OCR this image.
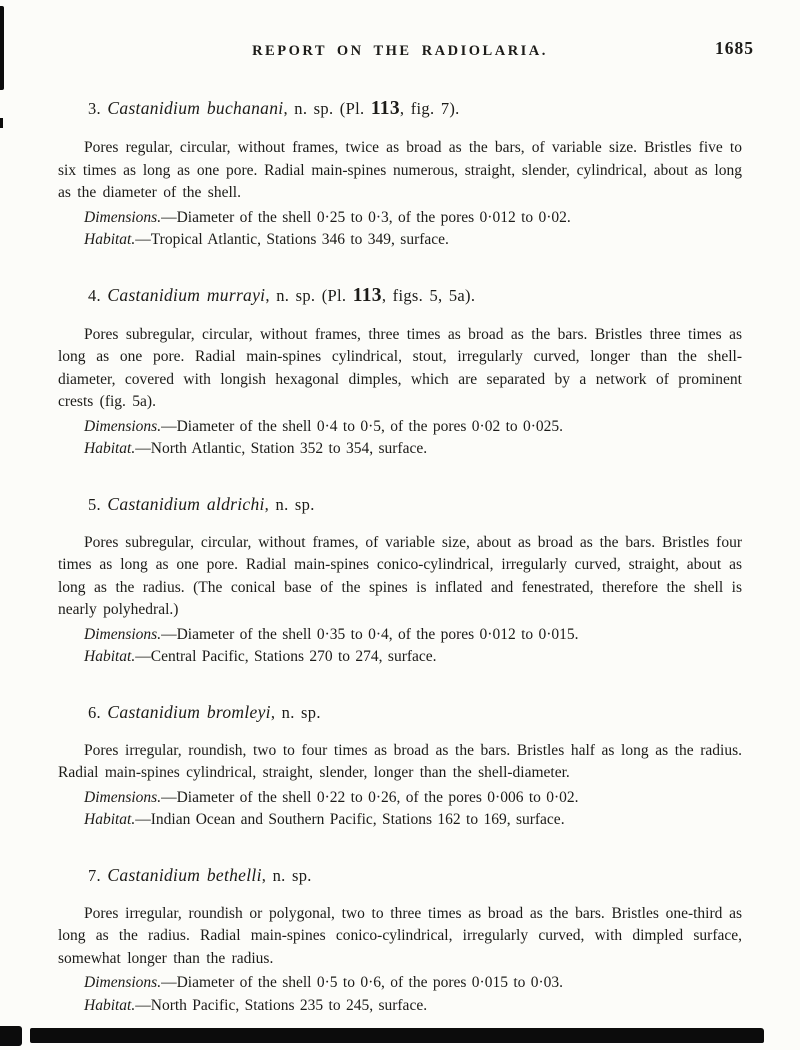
REPORT ON THE RADIOLARIA.	1685
3. Castanidium buchanani, n. sp. (Pl. 113, fig. 7).

Pores regular, circular, without frames, twice as broad as the bars, of variable size. Bristles five to six times as long as one pore. Radial main-spines numerous, straight, slender, cylindrical, about as long as the diameter of the shell.

Dimensions.—Diameter of the shell 0·25 to 0·3, of the pores 0·012 to 0·02.

Habitat.—Tropical Atlantic, Stations 346 to 349, surface.

4. Castanidium murrayi, n. sp. (Pl. 113, figs. 5, 5a).

Pores subregular, circular, without frames, three times as broad as the bars. Bristles three times as long as one pore. Radial main-spines cylindrical, stout, irregularly curved, longer than the shell-diameter, covered with longish hexagonal dimples, which are separated by a network of prominent crests (fig. 5a).

Dimensions.—Diameter of the shell 0·4 to 0·5, of the pores 0·02 to 0·025.

Habitat.—North Atlantic, Station 352 to 354, surface.

5. Castanidium aldrichi, n. sp.

Pores subregular, circular, without frames, of variable size, about as broad as the bars. Bristles four times as long as one pore. Radial main-spines conico-cylindrical, irregularly curved, straight, about as long as the radius. (The conical base of the spines is inflated and fenestrated, therefore the shell is nearly polyhedral.)

Dimensions.—Diameter of the shell 0·35 to 0·4, of the pores 0·012 to 0·015.

Habitat.—Central Pacific, Stations 270 to 274, surface.

6. Castanidium bromleyi, n. sp.

Pores irregular, roundish, two to four times as broad as the bars. Bristles half as long as the radius. Radial main-spines cylindrical, straight, slender, longer than the shell-diameter.

Dimensions.—Diameter of the shell 0·22 to 0·26, of the pores 0·006 to 0·02.

Habitat.—Indian Ocean and Southern Pacific, Stations 162 to 169, surface.

7. Castanidium bethelli, n. sp.

Pores irregular, roundish or polygonal, two to three times as broad as the bars. Bristles one-third as long as the radius. Radial main-spines conico-cylindrical, irregularly curved, with dimpled surface, somewhat longer than the radius.

Dimensions.—Diameter of the shell 0·5 to 0·6, of the pores 0·015 to 0·03.

Habitat.—North Pacific, Stations 235 to 245, surface.
